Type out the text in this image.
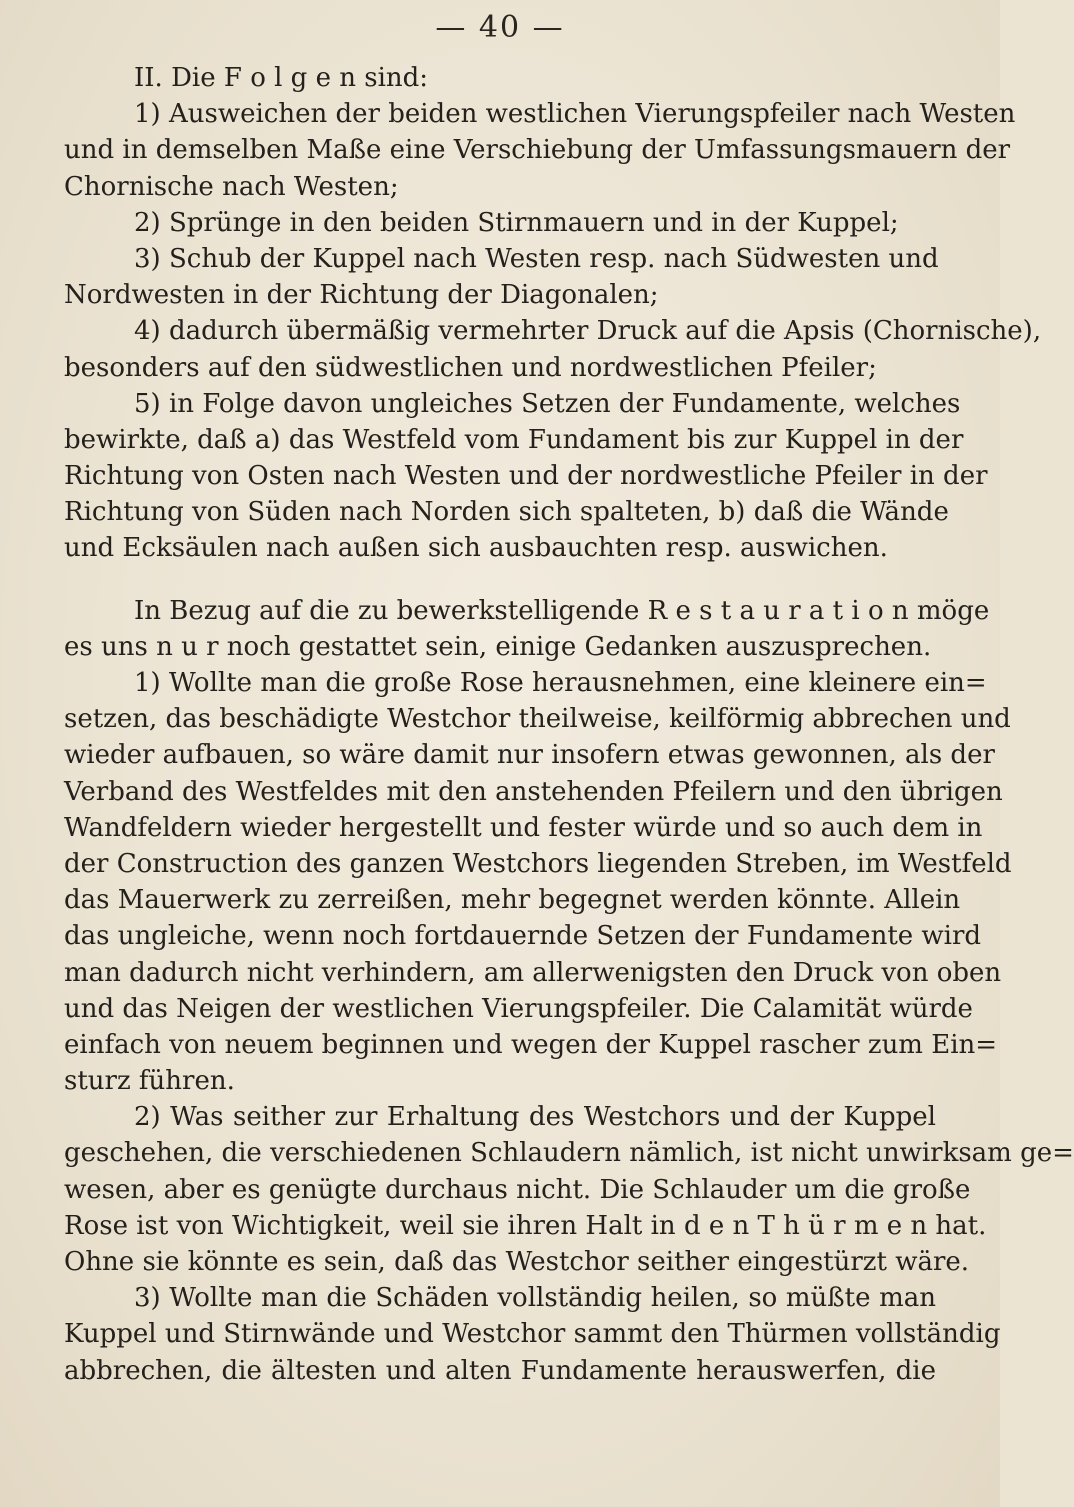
— 40 —
II. Die F o l g e n sind:
1) Ausweichen der beiden westlichen Vierungspfeiler nach Westen
und in demselben Maße eine Verschiebung der Umfassungsmauern der
Chornische nach Westen;
2) Sprünge in den beiden Stirnmauern und in der Kuppel;
3) Schub der Kuppel nach Westen resp. nach Südwesten und
Nordwesten in der Richtung der Diagonalen;
4) dadurch übermäßig vermehrter Druck auf die Apsis (Chornische),
besonders auf den südwestlichen und nordwestlichen Pfeiler;
5) in Folge davon ungleiches Setzen der Fundamente, welches
bewirkte, daß a) das Westfeld vom Fundament bis zur Kuppel in der
Richtung von Osten nach Westen und der nordwestliche Pfeiler in der
Richtung von Süden nach Norden sich spalteten, b) daß die Wände
und Ecksäulen nach außen sich ausbauchten resp. auswichen.
In Bezug auf die zu bewerkstelligende R e s t a u r a t i o n möge
es uns n u r noch gestattet sein, einige Gedanken auszusprechen.
1) Wollte man die große Rose herausnehmen, eine kleinere ein=
setzen, das beschädigte Westchor theilweise, keilförmig abbrechen und
wieder aufbauen, so wäre damit nur insofern etwas gewonnen, als der
Verband des Westfeldes mit den anstehenden Pfeilern und den übrigen
Wandfeldern wieder hergestellt und fester würde und so auch dem in
der Construction des ganzen Westchors liegenden Streben, im Westfeld
das Mauerwerk zu zerreißen, mehr begegnet werden könnte. Allein
das ungleiche, wenn noch fortdauernde Setzen der Fundamente wird
man dadurch nicht verhindern, am allerwenigsten den Druck von oben
und das Neigen der westlichen Vierungspfeiler. Die Calamität würde
einfach von neuem beginnen und wegen der Kuppel rascher zum Ein=
sturz führen.
2) Was seither zur Erhaltung des Westchors und der Kuppel
geschehen, die verschiedenen Schlaudern nämlich, ist nicht unwirksam ge=
wesen, aber es genügte durchaus nicht. Die Schlauder um die große
Rose ist von Wichtigkeit, weil sie ihren Halt in d e n T h ü r m e n hat.
Ohne sie könnte es sein, daß das Westchor seither eingestürzt wäre.
3) Wollte man die Schäden vollständig heilen, so müßte man
Kuppel und Stirnwände und Westchor sammt den Thürmen vollständig
abbrechen, die ältesten und alten Fundamente herauswerfen, die
